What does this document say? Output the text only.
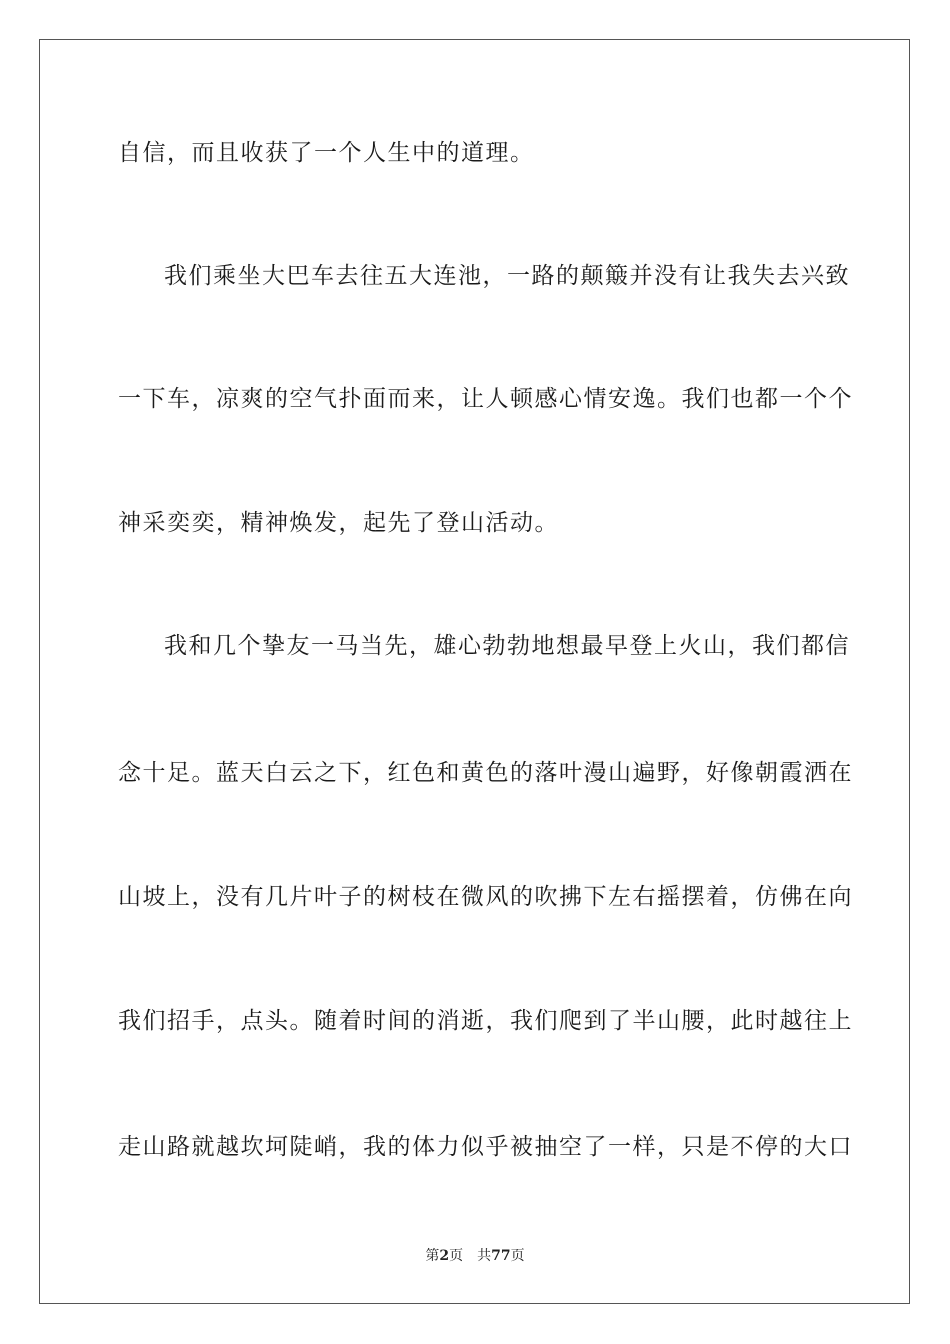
自信，而且收获了一个人生中的道理。
我们乘坐大巴车去往五大连池，一路的颠簸并没有让我失去兴致
一下车，凉爽的空气扑面而来，让人顿感心情安逸。我们也都一个个
神采奕奕，精神焕发，起先了登山活动。
我和几个挚友一马当先，雄心勃勃地想最早登上火山，我们都信
念十足。蓝天白云之下，红色和黄色的落叶漫山遍野，好像朝霞洒在
山坡上，没有几片叶子的树枝在微风的吹拂下左右摇摆着，仿佛在向
我们招手，点头。随着时间的消逝，我们爬到了半山腰，此时越往上
走山路就越坎坷陡峭，我的体力似乎被抽空了一样，只是不停的大口
第2页 共77页
